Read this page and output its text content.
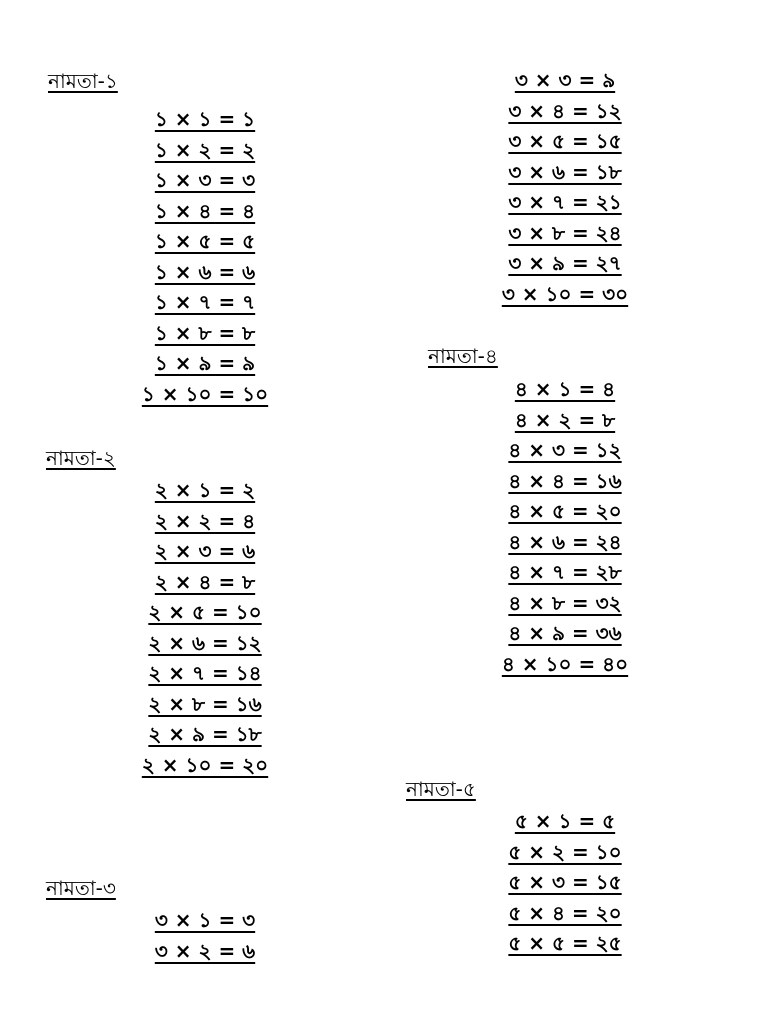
নামতা-১
১ × ১ = ১
১ × ২ = ২
১ × ৩ = ৩
১ × ৪ = ৪
১ × ৫ = ৫
১ × ৬ = ৬
১ × ৭ = ৭
১ × ৮ = ৮
১ × ৯ = ৯
১ × ১০ = ১০
নামতা-২
২ × ১ = ২
২ × ২ = ৪
২ × ৩ = ৬
২ × ৪ = ৮
২ × ৫ = ১০
২ × ৬ = ১২
২ × ৭ = ১৪
২ × ৮ = ১৬
২ × ৯ = ১৮
২ × ১০ = ২০
নামতা-৩
৩ × ১ = ৩
৩ × ২ = ৬
৩ × ৩ = ৯
৩ × ৪ = ১২
৩ × ৫ = ১৫
৩ × ৬ = ১৮
৩ × ৭ = ২১
৩ × ৮ = ২৪
৩ × ৯ = ২৭
৩ × ১০ = ৩০
নামতা-৪
৪ × ১ = ৪
৪ × ২ = ৮
৪ × ৩ = ১২
৪ × ৪ = ১৬
৪ × ৫ = ২০
৪ × ৬ = ২৪
৪ × ৭ = ২৮
৪ × ৮ = ৩২
৪ × ৯ = ৩৬
৪ × ১০ = ৪০
নামতা-৫
৫ × ১ = ৫
৫ × ২ = ১০
৫ × ৩ = ১৫
৫ × ৪ = ২০
৫ × ৫ = ২৫
